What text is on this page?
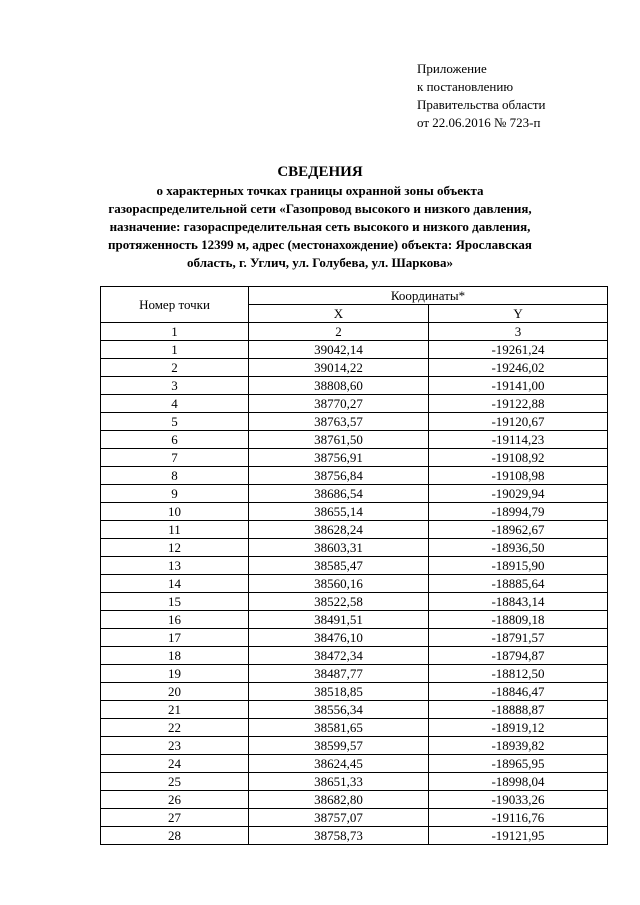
Приложение
к постановлению
Правительства области
от 22.06.2016 № 723-п
СВЕДЕНИЯ
о характерных точках границы охранной зоны объекта газораспределительной сети «Газопровод высокого и низкого давления, назначение: газораспределительная сеть высокого и низкого давления, протяженность 12399 м, адрес (местонахождение) объекта: Ярославская область, г. Углич, ул. Голубева, ул. Шаркова»
Номер точки	Координаты*	
	X	Y
1	2	3
1	39042,14	-19261,24
2	39014,22	-19246,02
3	38808,60	-19141,00
4	38770,27	-19122,88
5	38763,57	-19120,67
6	38761,50	-19114,23
7	38756,91	-19108,92
8	38756,84	-19108,98
9	38686,54	-19029,94
10	38655,14	-18994,79
11	38628,24	-18962,67
12	38603,31	-18936,50
13	38585,47	-18915,90
14	38560,16	-18885,64
15	38522,58	-18843,14
16	38491,51	-18809,18
17	38476,10	-18791,57
18	38472,34	-18794,87
19	38487,77	-18812,50
20	38518,85	-18846,47
21	38556,34	-18888,87
22	38581,65	-18919,12
23	38599,57	-18939,82
24	38624,45	-18965,95
25	38651,33	-18998,04
26	38682,80	-19033,26
27	38757,07	-19116,76
28	38758,73	-19121,95
